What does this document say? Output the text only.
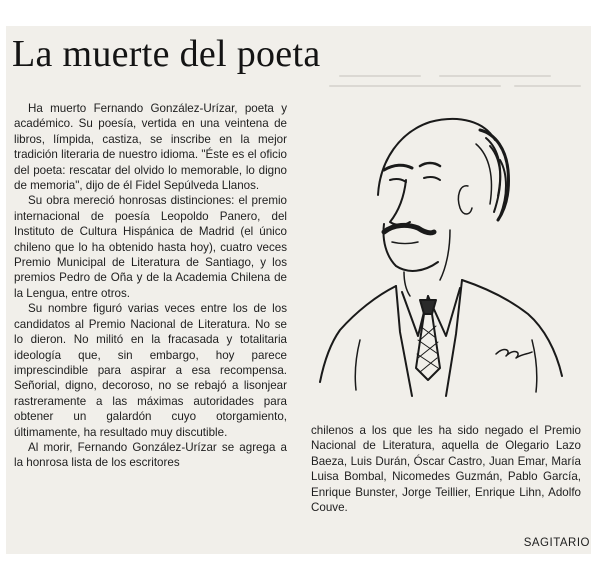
La muerte del poeta

Ha muerto Fernando González-Urízar, poeta y académico. Su poesía, vertida en una veintena de libros, límpida, castiza, se inscribe en la mejor tradición literaria de nuestro idioma. "Éste es el oficio del poeta: rescatar del olvido lo memorable, lo digno de memoria", dijo de él Fidel Sepúlveda Llanos.

Su obra mereció honrosas distinciones: el premio internacional de poesía Leopoldo Panero, del Instituto de Cultura Hispánica de Madrid (el único chileno que lo ha obtenido hasta hoy), cuatro veces Premio Municipal de Literatura de Santiago, y los premios Pedro de Oña y de la Academia Chilena de la Lengua, entre otros.

Su nombre figuró varias veces entre los de los candidatos al Premio Nacional de Literatura. No se lo dieron. No militó en la fracasada y totalitaria ideología que, sin embargo, hoy parece imprescindible para aspirar a esa recompensa. Señorial, digno, decoroso, no se rebajó a lisonjear rastreramente a las máximas autoridades para obtener un galardón cuyo otorgamiento, últimamente, ha resultado muy discutible.

Al morir, Fernando González-Urízar se agrega a la honrosa lista de los escritores

chilenos a los que les ha sido negado el Premio Nacional de Literatura, aquella de Olegario Lazo Baeza, Luis Durán, Óscar Castro, Juan Emar, María Luisa Bombal, Nicomedes Guzmán, Pablo García, Enrique Bunster, Jorge Teillier, Enrique Lihn, Adolfo Couve.

SAGITARIO
